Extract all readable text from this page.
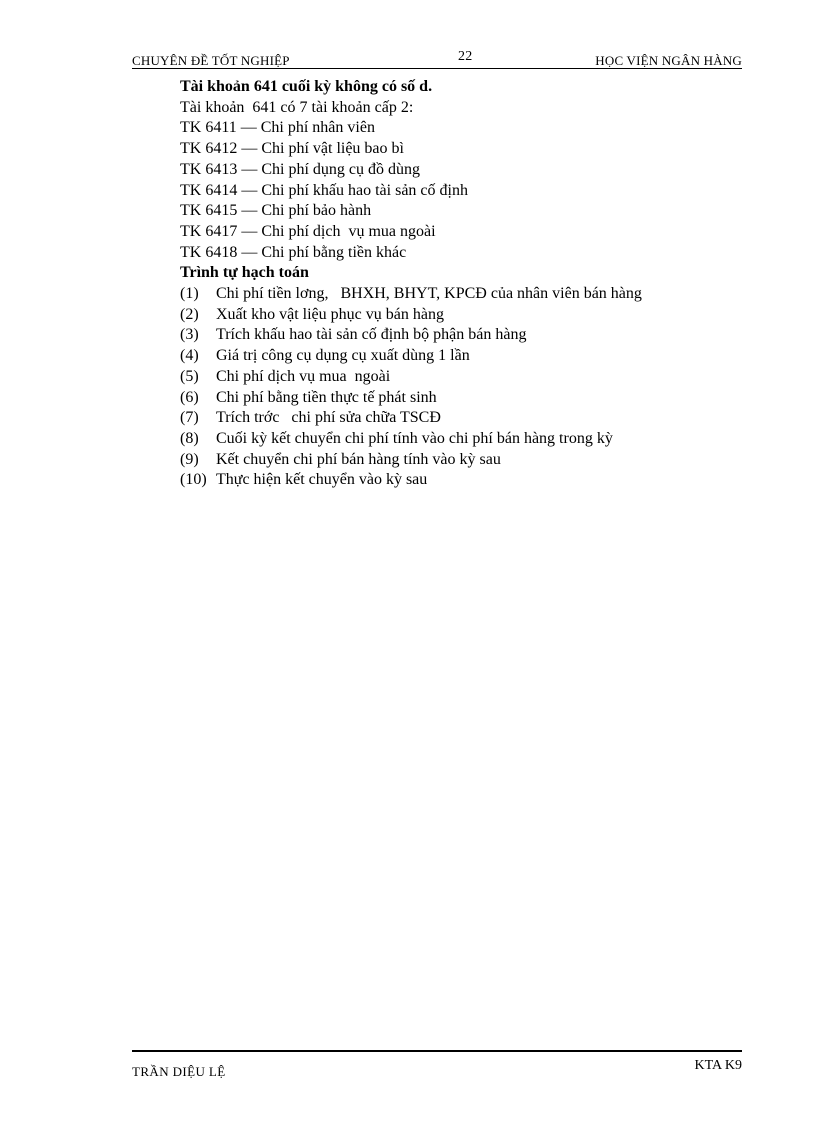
CHUYÊN ĐỀ TỐT NGHIỆP	22	HỌC VIỆN NGÂN HÀNG
Tài khoản 641 cuối kỳ không có số d.
Tài khoản  641 có 7 tài khoản cấp 2:
TK 6411 — Chi phí nhân viên
TK 6412 — Chi phí vật liệu bao bì
TK 6413 — Chi phí dụng cụ đồ dùng
TK 6414 — Chi phí khấu hao tài sản cố định
TK 6415 — Chi phí bảo hành
TK 6417 — Chi phí dịch  vụ mua ngoài
TK 6418 — Chi phí bằng tiền khác
Trình tự hạch toán
(1) Chi phí tiền lơng,   BHXH, BHYT, KPCĐ của nhân viên bán hàng
(2) Xuất kho vật liệu phục vụ bán hàng
(3) Trích khấu hao tài sản cố định bộ phận bán hàng
(4) Giá trị công cụ dụng cụ xuất dùng 1 lần
(5) Chi phí dịch vụ mua  ngoài
(6) Chi phí bằng tiền thực tế phát sinh
(7) Trích trớc   chi phí sửa chữa TSCĐ
(8) Cuối kỳ kết chuyển chi phí tính vào chi phí bán hàng trong kỳ
(9) Kết chuyển chi phí bán hàng tính vào kỳ sau
(10) Thực hiện kết chuyển vào kỳ sau
TRẦN DIỆU LỆ	KTA K9
